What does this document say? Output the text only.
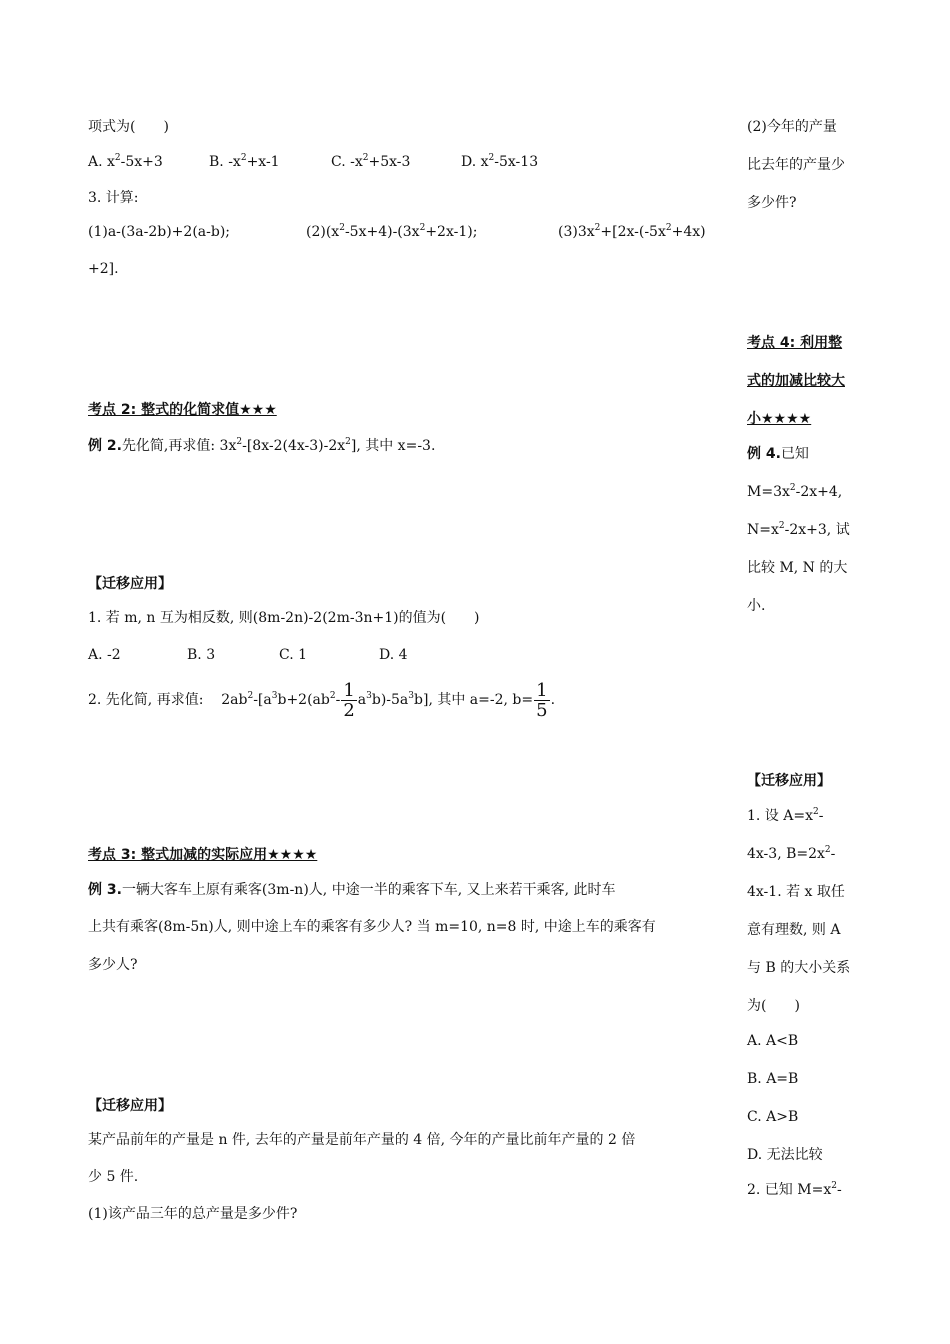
项式为(　　)
A. $x^2-5x+3$	B. $-x^2+x-1$	C. $-x^2+5x-3$	D. $x^2-5x-13$
3. 计算:
(1)a-(3a-2b)+2(a-b);	$(2)(x^2-5x+4)-(3x^2+2x-1)$;	$(3)3x^2+[2x-(-5x^2+4x)$
+2].
考点 2: 整式的化简求值★★★
例 2.先化简,再求值: $3x^2-[8x-2(4x-3)-2x^2]$, 其中 x=-3.
【迁移应用】
1. 若 m, n 互为相反数, 则(8m-2n)-2(2m-3n+1)的值为(　　)
A. -2	B. 3	C. 1	D. 4
2. 先化简, 再求值: $2ab^2-[a^3b+2(ab^2- \frac{1}{2} a^3b)-5a^3b]$, 其中 a=-2, $b= \frac{1}{5}$ .
考点 3: 整式加减的实际应用★★★★
例 3.一辆大客车上原有乘客(3m-n)人, 中途一半的乘客下车, 又上来若干乘客, 此时车
上共有乘客(8m-5n)人, 则中途上车的乘客有多少人? 当 m=10, n=8 时, 中途上车的乘客有
多少人?
【迁移应用】
某产品前年的产量是 n 件, 去年的产量是前年产量的 4 倍, 今年的产量比前年产量的 2 倍
少 5 件.
(1)该产品三年的总产量是多少件?
(2)今年的产量
比去年的产量少
多少件?
考点 4: 利用整
式的加减比较大
小★★★★
例 4.已知
$M=3x^2-2x+4$,
$N=x^2-2x+3$, 试
比较 M, N 的大
小.
【迁移应用】
1. 设 $A=x^2-$
4x-3, $B=2x^2-$
4x-1. 若 x 取任
意有理数, 则 A
与 B 的大小关系
为(　　)
A. A<B
B. A=B
C. A>B
D. 无法比较
2. 已知 $M=x^2-$
